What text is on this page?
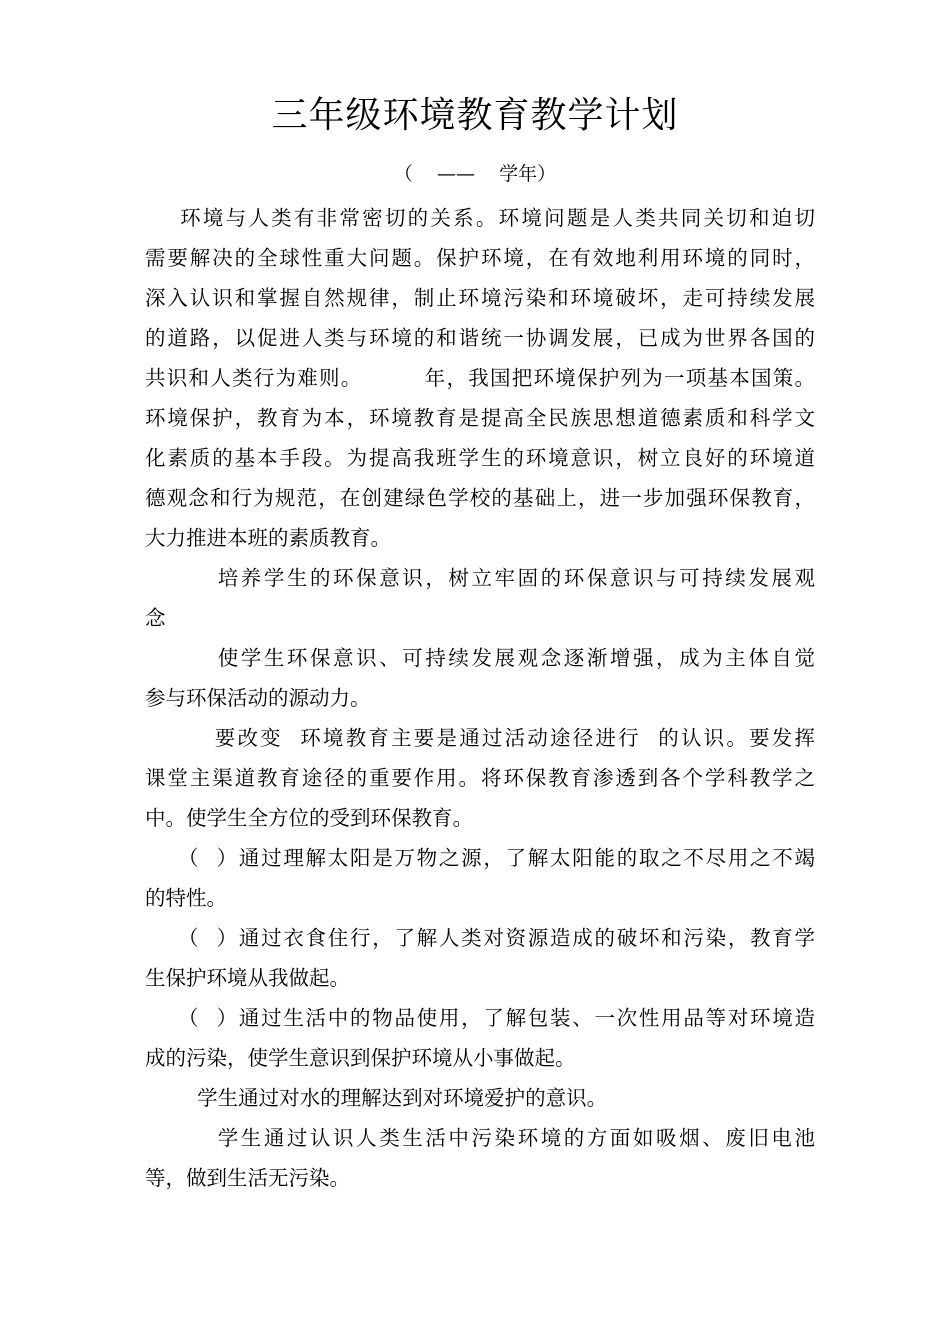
三年级环境教育教学计划
（    ——    学年）
环境与人类有非常密切的关系。环境问题是人类共同关切和迫切
需要解决的全球性重大问题。保护环境，在有效地利用环境的同时，
深入认识和掌握自然规律，制止环境污染和环境破坏，走可持续发展
的道路，以促进人类与环境的和谐统一协调发展，已成为世界各国的
共识和人类行为难则。        年，我国把环境保护列为一项基本国策。
环境保护，教育为本，环境教育是提高全民族思想道德素质和科学文
化素质的基本手段。为提高我班学生的环境意识，树立良好的环境道
德观念和行为规范，在创建绿色学校的基础上，进一步加强环保教育，
大力推进本班的素质教育。
培养学生的环保意识，树立牢固的环保意识与可持续发展观
念
使学生环保意识、可持续发展观念逐渐增强，成为主体自觉
参与环保活动的源动力。
要改变  环境教育主要是通过活动途径进行  的认识。要发挥
课堂主渠道教育途径的重要作用。将环保教育渗透到各个学科教学之
中。使学生全方位的受到环保教育。
（  ）通过理解太阳是万物之源，了解太阳能的取之不尽用之不竭
的特性。
（  ）通过衣食住行，了解人类对资源造成的破坏和污染，教育学
生保护环境从我做起。
（  ）通过生活中的物品使用，了解包装、一次性用品等对环境造
成的污染，使学生意识到保护环境从小事做起。
学生通过对水的理解达到对环境爱护的意识。
学生通过认识人类生活中污染环境的方面如吸烟、废旧电池
等，做到生活无污染。
